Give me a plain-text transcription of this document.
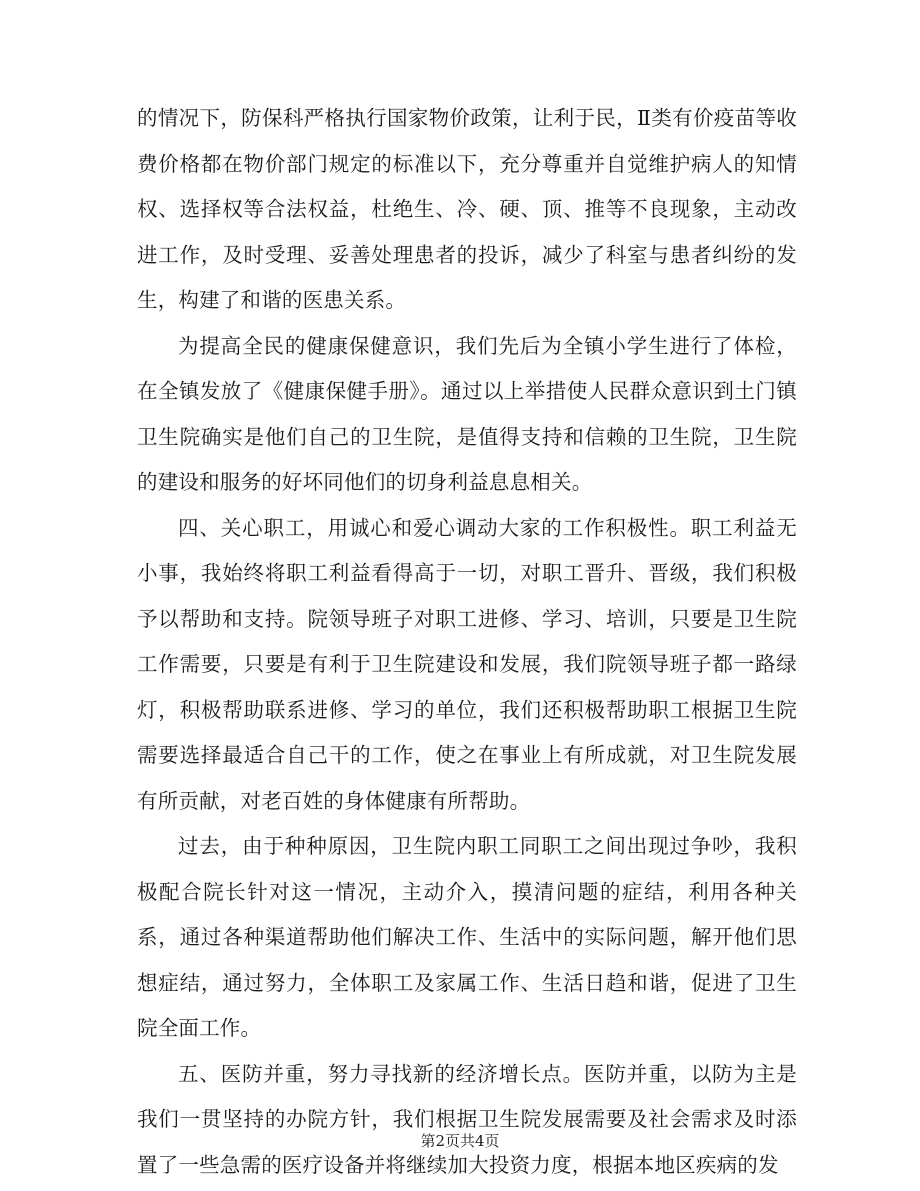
的情况下，防保科严格执行国家物价政策，让利于民，Ⅱ类有价疫苗等收费价格都在物价部门规定的标准以下，充分尊重并自觉维护病人的知情权、选择权等合法权益，杜绝生、冷、硬、顶、推等不良现象，主动改进工作，及时受理、妥善处理患者的投诉，减少了科室与患者纠纷的发生，构建了和谐的医患关系。

为提高全民的健康保健意识，我们先后为全镇小学生进行了体检，在全镇发放了《健康保健手册》。通过以上举措使人民群众意识到土门镇卫生院确实是他们自己的卫生院，是值得支持和信赖的卫生院，卫生院的建设和服务的好坏同他们的切身利益息息相关。

四、关心职工，用诚心和爱心调动大家的工作积极性。职工利益无小事，我始终将职工利益看得高于一切，对职工晋升、晋级，我们积极予以帮助和支持。院领导班子对职工进修、学习、培训，只要是卫生院工作需要，只要是有利于卫生院建设和发展，我们院领导班子都一路绿灯，积极帮助联系进修、学习的单位，我们还积极帮助职工根据卫生院需要选择最适合自己干的工作，使之在事业上有所成就，对卫生院发展有所贡献，对老百姓的身体健康有所帮助。

过去，由于种种原因，卫生院内职工同职工之间出现过争吵，我积极配合院长针对这一情况，主动介入，摸清问题的症结，利用各种关系，通过各种渠道帮助他们解决工作、生活中的实际问题，解开他们思想症结，通过努力，全体职工及家属工作、生活日趋和谐，促进了卫生院全面工作。

五、医防并重，努力寻找新的经济增长点。医防并重，以防为主是我们一贯坚持的办院方针，我们根据卫生院发展需要及社会需求及时添置了一些急需的医疗设备并将继续加大投资力度，根据本地区疾病的发

第2页共4页
